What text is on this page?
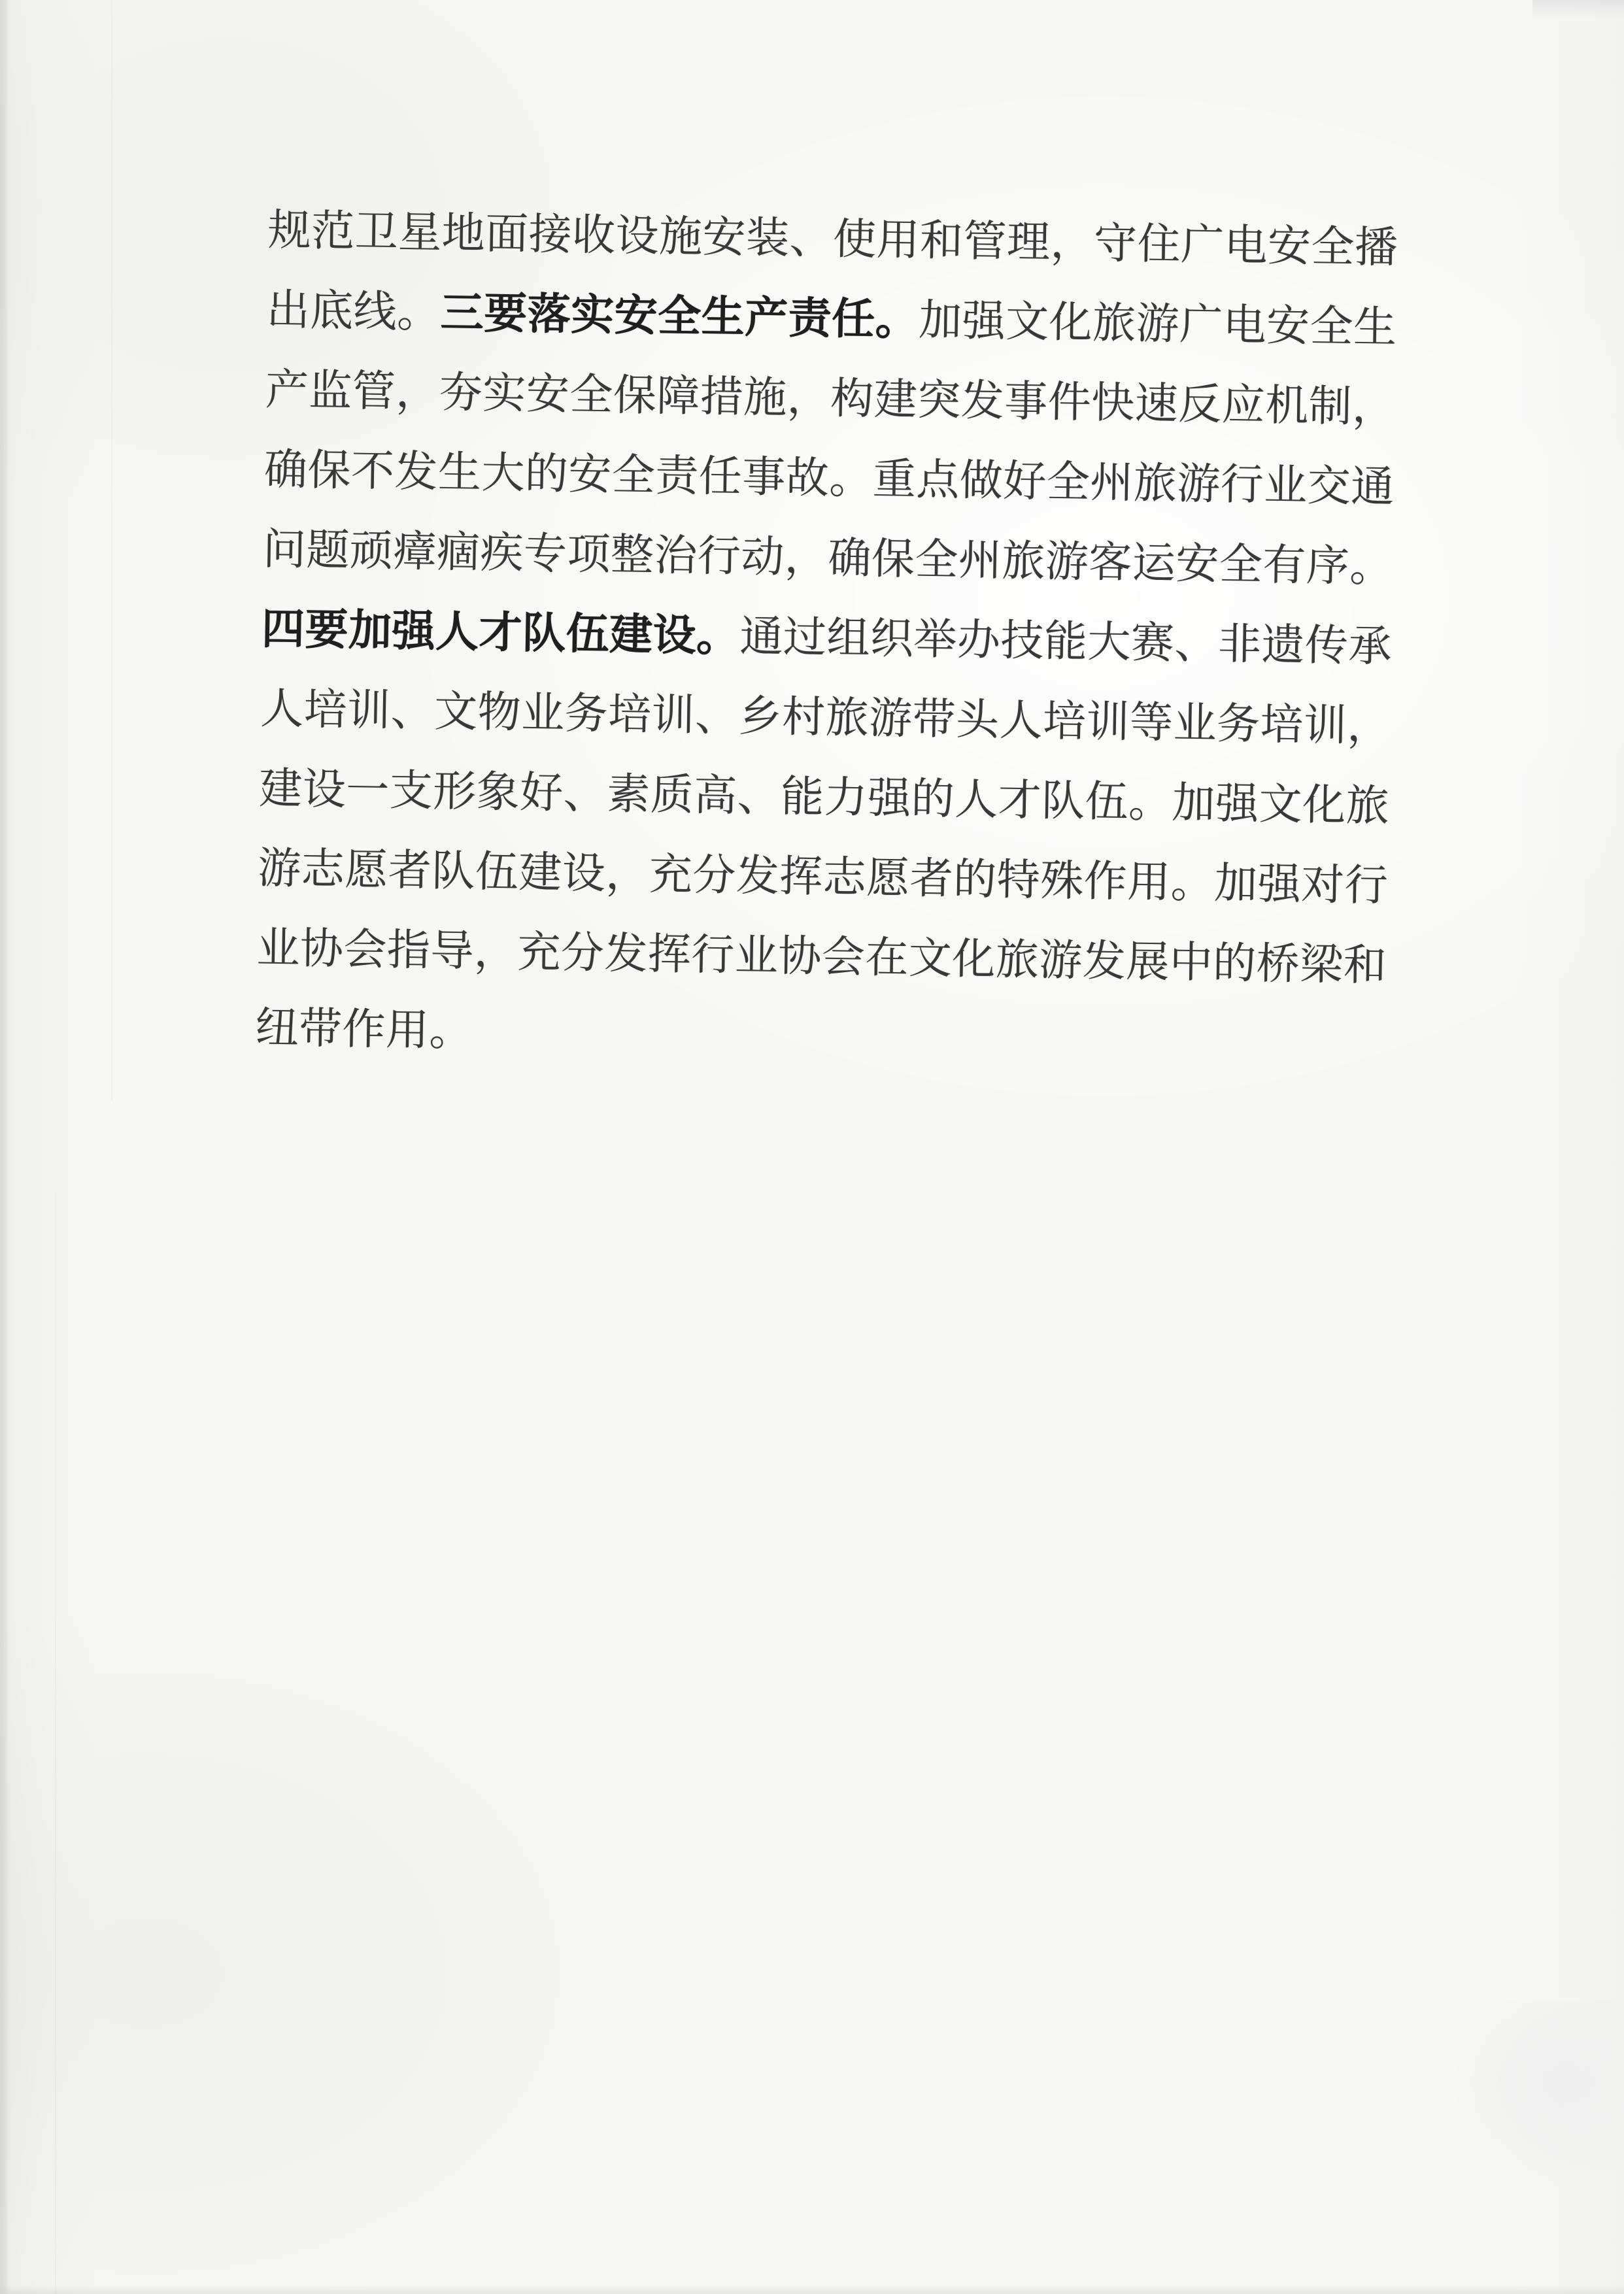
规范卫星地面接收设施安装、使用和管理，守住广电安全播
出底线。三要落实安全生产责任。加强文化旅游广电安全生
产监管，夯实安全保障措施，构建突发事件快速反应机制，
确保不发生大的安全责任事故。重点做好全州旅游行业交通
问题顽瘴痼疾专项整治行动，确保全州旅游客运安全有序。
四要加强人才队伍建设。通过组织举办技能大赛、非遗传承
人培训、文物业务培训、乡村旅游带头人培训等业务培训，
建设一支形象好、素质高、能力强的人才队伍。加强文化旅
游志愿者队伍建设，充分发挥志愿者的特殊作用。加强对行
业协会指导，充分发挥行业协会在文化旅游发展中的桥梁和
纽带作用。
